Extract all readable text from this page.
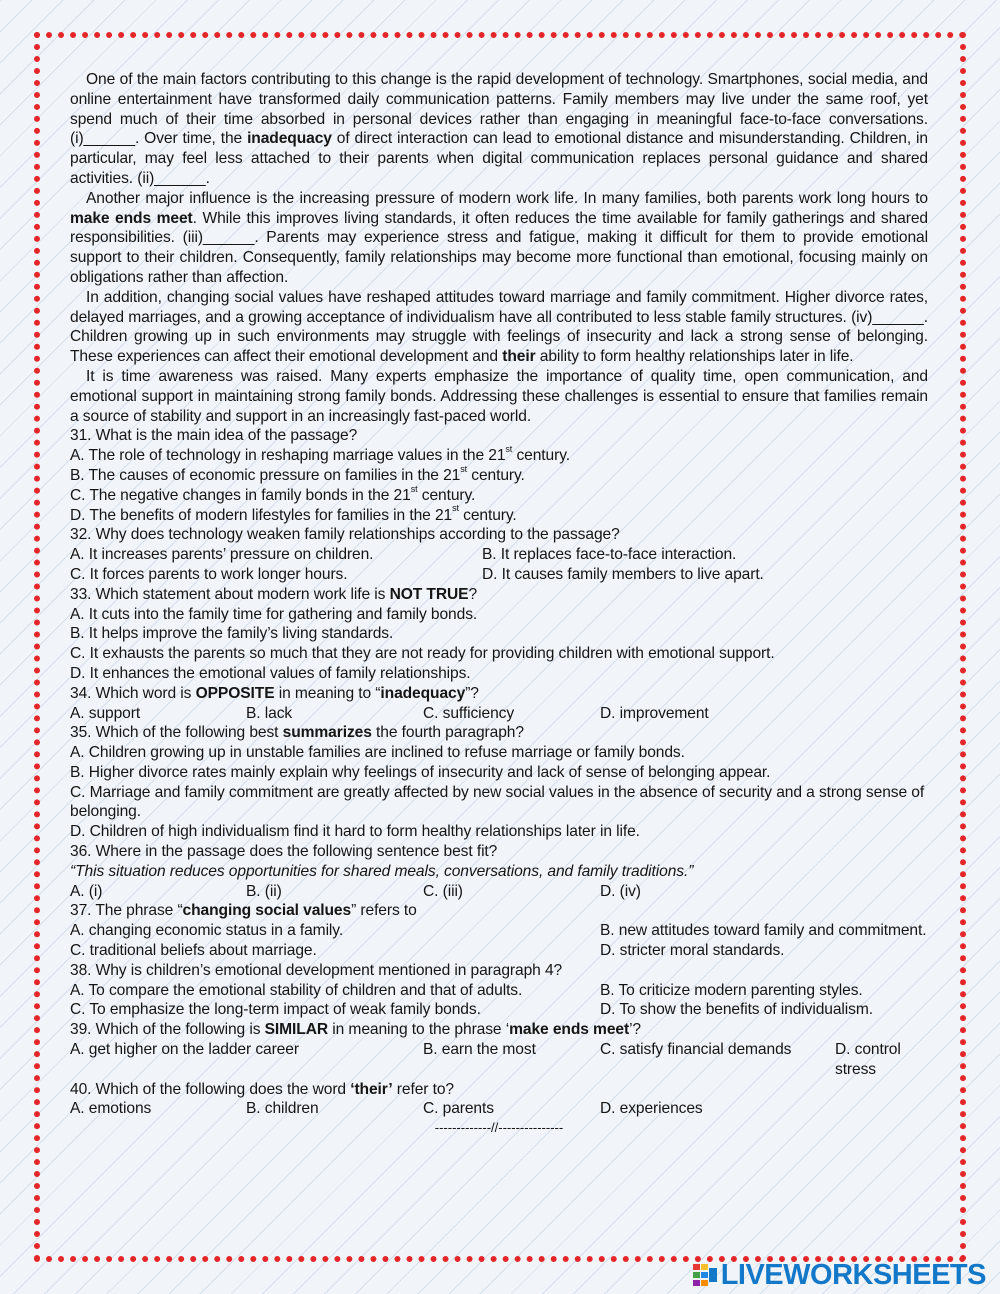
One of the main factors contributing to this change is the rapid development of technology. Smartphones, social media, and online entertainment have transformed daily communication patterns. Family members may live under the same roof, yet spend much of their time absorbed in personal devices rather than engaging in meaningful face-to-face conversations. (i)______. Over time, the inadequacy of direct interaction can lead to emotional distance and misunderstanding. Children, in particular, may feel less attached to their parents when digital communication replaces personal guidance and shared activities. (ii)______.

Another major influence is the increasing pressure of modern work life. In many families, both parents work long hours to make ends meet. While this improves living standards, it often reduces the time available for family gatherings and shared responsibilities. (iii)______. Parents may experience stress and fatigue, making it difficult for them to provide emotional support to their children. Consequently, family relationships may become more functional than emotional, focusing mainly on obligations rather than affection.

In addition, changing social values have reshaped attitudes toward marriage and family commitment. Higher divorce rates, delayed marriages, and a growing acceptance of individualism have all contributed to less stable family structures. (iv)______. Children growing up in such environments may struggle with feelings of insecurity and lack a strong sense of belonging. These experiences can affect their emotional development and their ability to form healthy relationships later in life.

It is time awareness was raised. Many experts emphasize the importance of quality time, open communication, and emotional support in maintaining strong family bonds. Addressing these challenges is essential to ensure that families remain a source of stability and support in an increasingly fast-paced world.

31. What is the main idea of the passage?
A. The role of technology in reshaping marriage values in the 21st century.
B. The causes of economic pressure on families in the 21st century.
C. The negative changes in family bonds in the 21st century.
D. The benefits of modern lifestyles for families in the 21st century.
32. Why does technology weaken family relationships according to the passage?
A. It increases parents’ pressure on children.	B. It replaces face-to-face interaction.
C. It forces parents to work longer hours.	D. It causes family members to live apart.
33. Which statement about modern work life is NOT TRUE?
A. It cuts into the family time for gathering and family bonds.
B. It helps improve the family’s living standards.
C. It exhausts the parents so much that they are not ready for providing children with emotional support.
D. It enhances the emotional values of family relationships.
34. Which word is OPPOSITE in meaning to “inadequacy”?
A. support	B. lack	C. sufficiency	D. improvement
35. Which of the following best summarizes the fourth paragraph?
A. Children growing up in unstable families are inclined to refuse marriage or family bonds.
B. Higher divorce rates mainly explain why feelings of insecurity and lack of sense of belonging appear.
C. Marriage and family commitment are greatly affected by new social values in the absence of security and a strong sense of belonging.
D. Children of high individualism find it hard to form healthy relationships later in life.
36. Where in the passage does the following sentence best fit?
“This situation reduces opportunities for shared meals, conversations, and family traditions.”
A. (i)	B. (ii)	C. (iii)	D. (iv)
37. The phrase “changing social values” refers to
A. changing economic status in a family.	B. new attitudes toward family and commitment.
C. traditional beliefs about marriage.	D. stricter moral standards.
38. Why is children’s emotional development mentioned in paragraph 4?
A. To compare the emotional stability of children and that of adults.	B. To criticize modern parenting styles.
C. To emphasize the long-term impact of weak family bonds.	D. To show the benefits of individualism.
39. Which of the following is SIMILAR in meaning to the phrase ‘make ends meet’?
A. get higher on the ladder career	B. earn the most	C. satisfy financial demands	D. control stress
40. Which of the following does the word ‘their’ refer to?
A. emotions	B. children	C. parents	D. experiences
-------------//---------------
LIVEWORKSHEETS
